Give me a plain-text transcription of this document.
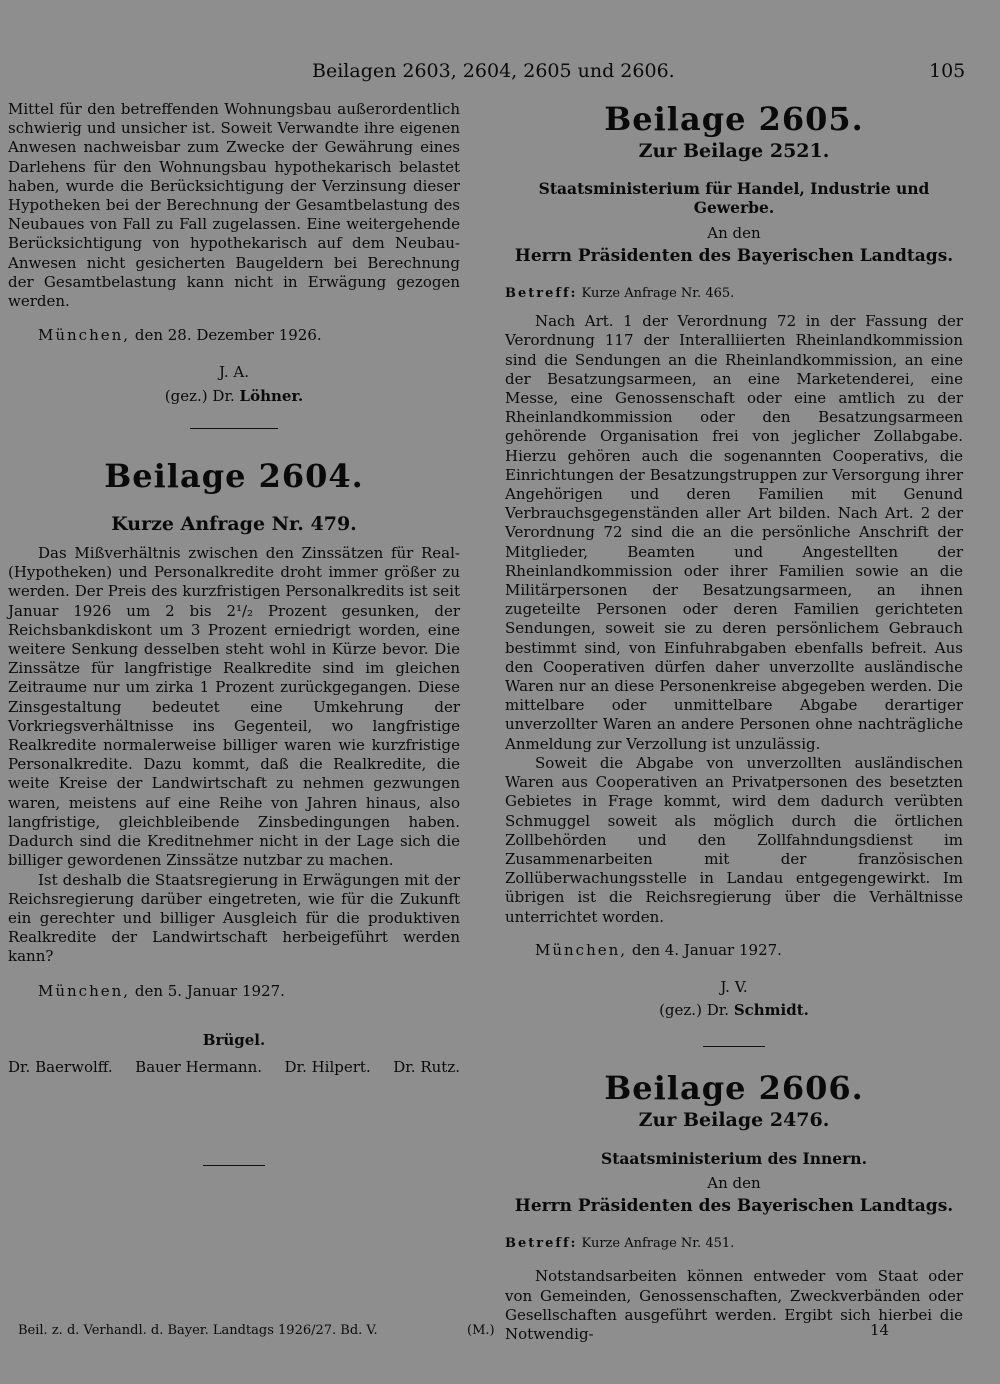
Beilagen 2603, 2604, 2605 und 2606.	105

Mittel für den betreffenden Wohnungsbau außerordentlich schwierig und unsicher ist. Soweit Verwandte ihre eigenen Anwesen nachweisbar zum Zwecke der Gewährung eines Darlehens für den Wohnungsbau hypothekarisch belastet haben, wurde die Berücksichtigung der Verzinsung dieser Hypotheken bei der Berechnung der Gesamtbelastung des Neubaues von Fall zu Fall zugelassen. Eine weitergehende Berücksichtigung von hypothekarisch auf dem Neubau-Anwesen nicht gesicherten Baugeldern bei Berechnung der Gesamtbelastung kann nicht in Erwägung gezogen werden.

München, den 28. Dezember 1926.

J. A.
(gez.) Dr. Löhner.
Beilage 2604.
Kurze Anfrage Nr. 479.

Das Mißverhältnis zwischen den Zinssätzen für Real- (Hypotheken) und Personalkredite droht immer größer zu werden. Der Preis des kurzfristigen Personalkredits ist seit Januar 1926 um 2 bis 2¹/₂ Prozent gesunken, der Reichsbankdiskont um 3 Prozent erniedrigt worden, eine weitere Senkung desselben steht wohl in Kürze bevor. Die Zinssätze für langfristige Realkredite sind im gleichen Zeitraume nur um zirka 1 Prozent zurückgegangen. Diese Zinsgestaltung bedeutet eine Umkehrung der Vorkriegsverhältnisse ins Gegenteil, wo langfristige Realkredite normalerweise billiger waren wie kurzfristige Personalkredite. Dazu kommt, daß die Realkredite, die weite Kreise der Landwirtschaft zu nehmen gezwungen waren, meistens auf eine Reihe von Jahren hinaus, also langfristige, gleichbleibende Zinsbedingungen haben. Dadurch sind die Kreditnehmer nicht in der Lage sich die billiger gewordenen Zinssätze nutzbar zu machen.

Ist deshalb die Staatsregierung in Erwägungen mit der Reichsregierung darüber eingetreten, wie für die Zukunft ein gerechter und billiger Ausgleich für die produktiven Realkredite der Landwirtschaft herbeigeführt werden kann?

München, den 5. Januar 1927.

Brügel.
Dr. Baerwolff. Bauer Hermann. Dr. Hilpert. Dr. Rutz.
Beilage 2605.
Zur Beilage 2521.
Staatsministerium für Handel, Industrie und Gewerbe.
An den
Herrn Präsidenten des Bayerischen Landtags.
Betreff: Kurze Anfrage Nr. 465.

Nach Art. 1 der Verordnung 72 in der Fassung der Verordnung 117 der Interalliierten Rheinlandkommission sind die Sendungen an die Rheinlandkommission, an eine der Besatzungsarmeen, an eine Marketenderei, eine Messe, eine Genossenschaft oder eine amtlich zu der Rheinlandkommission oder den Besatzungsarmeen gehörende Organisation frei von jeglicher Zollabgabe. Hierzu gehören auch die sogenannten Cooperativs, die Einrichtungen der Besatzungstruppen zur Versorgung ihrer Angehörigen und deren Familien mit Genund Verbrauchsgegenständen aller Art bilden. Nach Art. 2 der Verordnung 72 sind die an die persönliche Anschrift der Mitglieder, Beamten und Angestellten der Rheinlandkommission oder ihrer Familien sowie an die Militärpersonen der Besatzungsarmeen, an ihnen zugeteilte Personen oder deren Familien gerichteten Sendungen, soweit sie zu deren persönlichem Gebrauch bestimmt sind, von Einfuhrabgaben ebenfalls befreit. Aus den Cooperativen dürfen daher unverzollte ausländische Waren nur an diese Personenkreise abgegeben werden. Die mittelbare oder unmittelbare Abgabe derartiger unverzollter Waren an andere Personen ohne nachträgliche Anmeldung zur Verzollung ist unzulässig.

Soweit die Abgabe von unverzollten ausländischen Waren aus Cooperativen an Privatpersonen des besetzten Gebietes in Frage kommt, wird dem dadurch verübten Schmuggel soweit als möglich durch die örtlichen Zollbehörden und den Zollfahndungsdienst im Zusammenarbeiten mit der französischen Zollüberwachungsstelle in Landau entgegengewirkt. Im übrigen ist die Reichsregierung über die Verhältnisse unterrichtet worden.

München, den 4. Januar 1927.

J. V.
(gez.) Dr. Schmidt.
Beilage 2606.
Zur Beilage 2476.
Staatsministerium des Innern.
An den
Herrn Präsidenten des Bayerischen Landtags.
Betreff: Kurze Anfrage Nr. 451.

Notstandsarbeiten können entweder vom Staat oder von Gemeinden, Genossenschaften, Zweckverbänden oder Gesellschaften ausgeführt werden. Ergibt sich hierbei die Notwendig-

Beil. z. d. Verhandl. d. Bayer. Landtags 1926/27. Bd. V.	(M.)	14
